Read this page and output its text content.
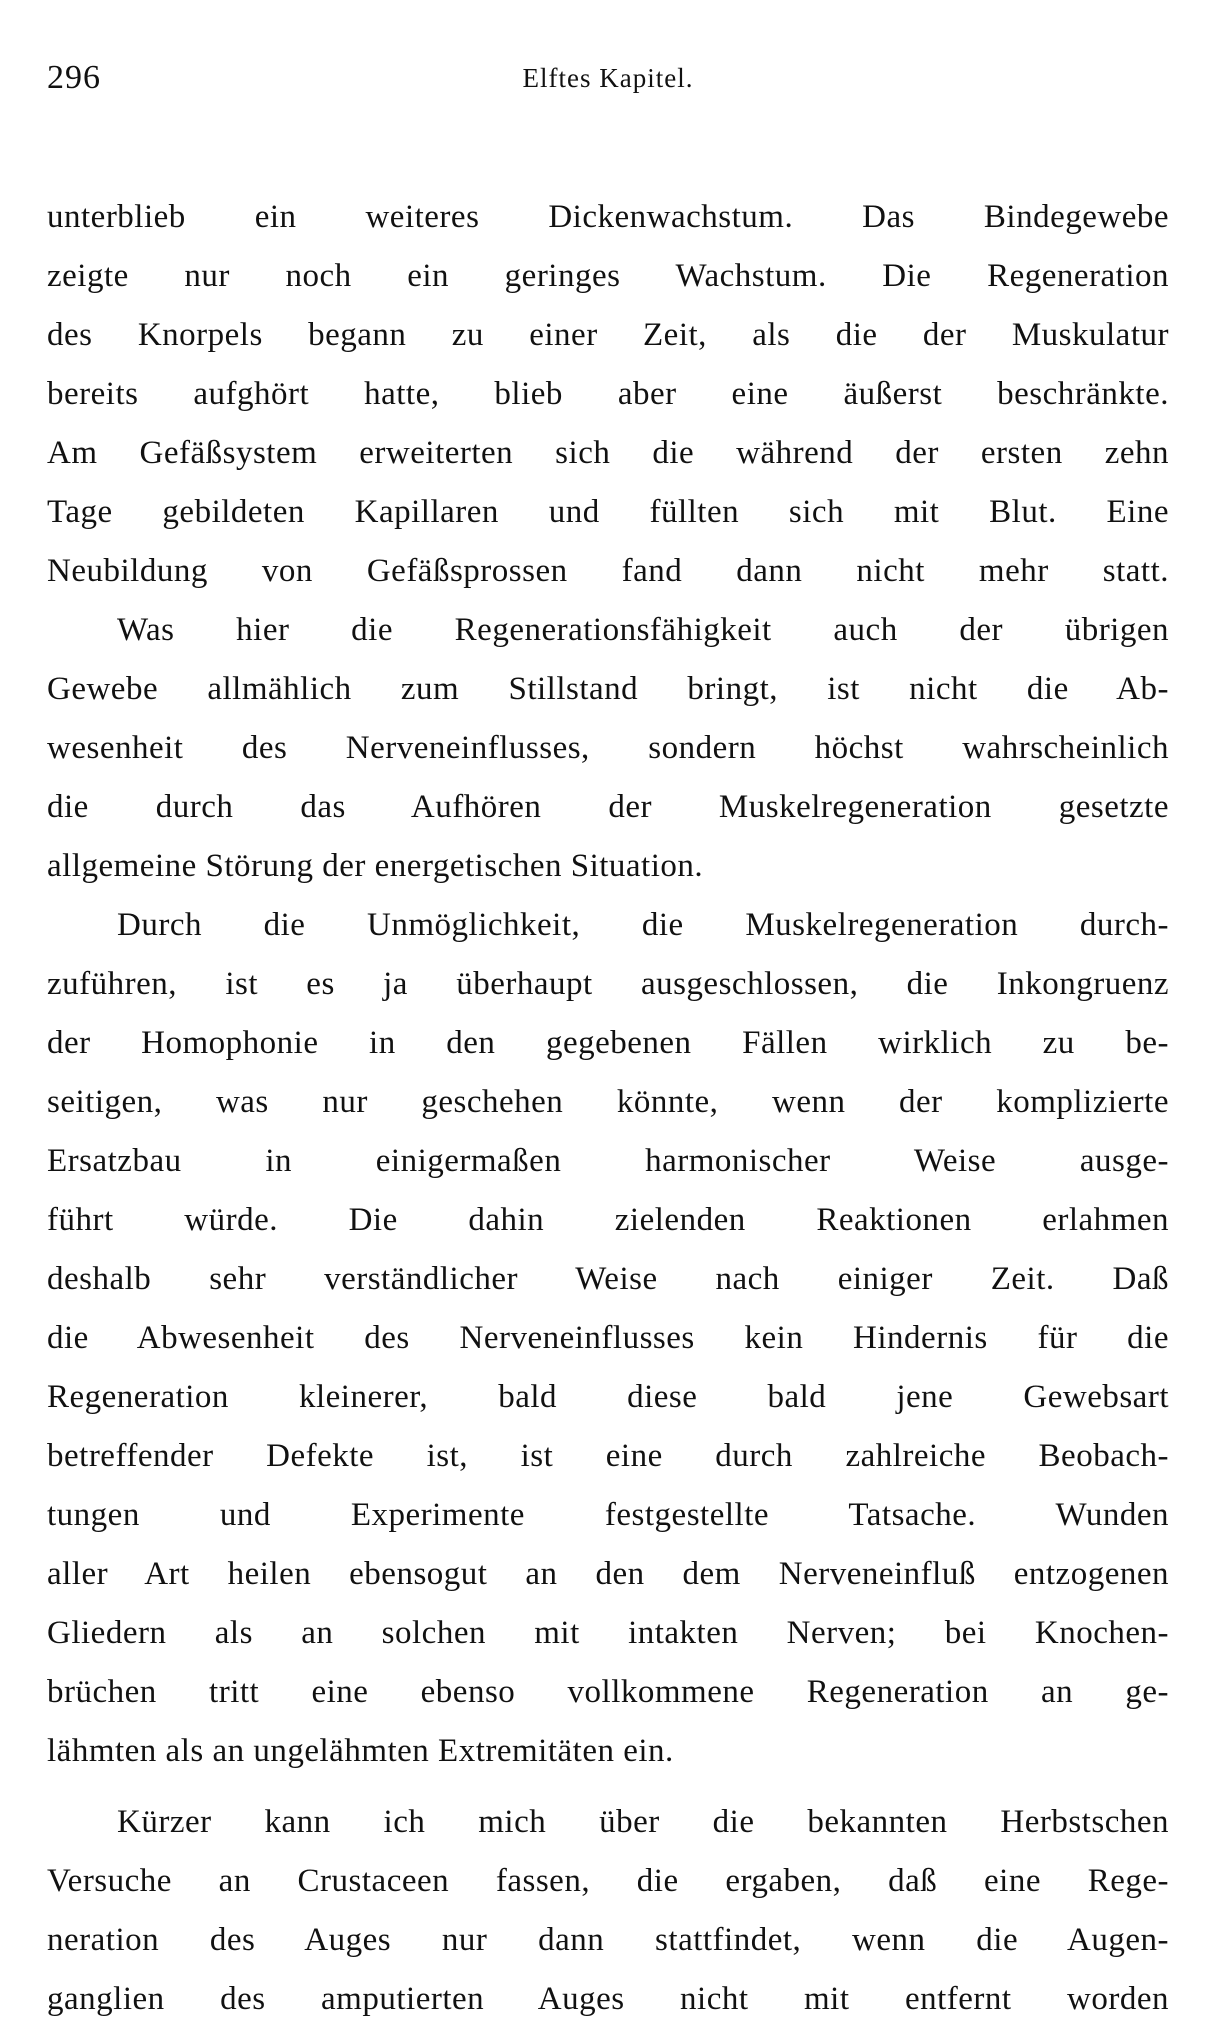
296	Elftes Kapitel.

unterblieb ein weiteres Dickenwachstum. Das Bindegewebe
zeigte nur noch ein geringes Wachstum. Die Regeneration
des Knorpels begann zu einer Zeit, als die der Muskulatur
bereits aufghört hatte, blieb aber eine äußerst beschränkte.
Am Gefäßsystem erweiterten sich die während der ersten zehn
Tage gebildeten Kapillaren und füllten sich mit Blut. Eine
Neubildung von Gefäßsprossen fand dann nicht mehr statt.

Was hier die Regenerationsfähigkeit auch der übrigen
Gewebe allmählich zum Stillstand bringt, ist nicht die Ab-
wesenheit des Nerveneinflusses, sondern höchst wahrscheinlich
die durch das Aufhören der Muskelregeneration gesetzte
allgemeine Störung der energetischen Situation.

Durch die Unmöglichkeit, die Muskelregeneration durch-
zuführen, ist es ja überhaupt ausgeschlossen, die Inkongruenz
der Homophonie in den gegebenen Fällen wirklich zu be-
seitigen, was nur geschehen könnte, wenn der komplizierte
Ersatzbau in einigermaßen harmonischer Weise ausge-
führt würde. Die dahin zielenden Reaktionen erlahmen
deshalb sehr verständlicher Weise nach einiger Zeit. Daß
die Abwesenheit des Nerveneinflusses kein Hindernis für die
Regeneration kleinerer, bald diese bald jene Gewebsart
betreffender Defekte ist, ist eine durch zahlreiche Beobach-
tungen und Experimente festgestellte Tatsache. Wunden
aller Art heilen ebensogut an den dem Nerveneinfluß entzogenen
Gliedern als an solchen mit intakten Nerven; bei Knochen-
brüchen tritt eine ebenso vollkommene Regeneration an ge-
lähmten als an ungelähmten Extremitäten ein.

Kürzer kann ich mich über die bekannten Herbstschen
Versuche an Crustaceen fassen, die ergaben, daß eine Rege-
neration des Auges nur dann stattfindet, wenn die Augen-
ganglien des amputierten Auges nicht mit entfernt worden
